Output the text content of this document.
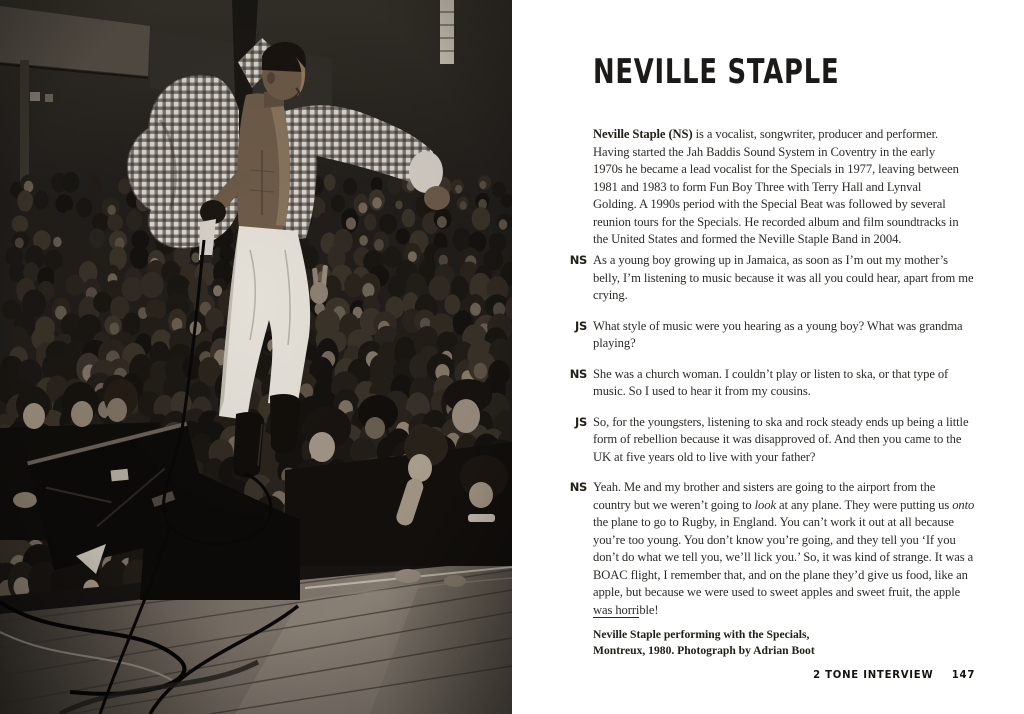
NEVILLE STAPLE

Neville Staple (NS) is a vocalist, songwriter, producer and performer. Having started the Jah Baddis Sound System in Coventry in the early 1970s he became a lead vocalist for the Specials in 1977, leaving between 1981 and 1983 to form Fun Boy Three with Terry Hall and Lynval Golding. A 1990s period with the Special Beat was followed by several reunion tours for the Specials. He recorded album and film soundtracks in the United States and formed the Neville Staple Band in 2004.

NS As a young boy growing up in Jamaica, as soon as I’m out my mother’s belly, I’m listening to music because it was all you could hear, apart from me crying.

JS What style of music were you hearing as a young boy? What was grandma playing?

NS She was a church woman. I couldn’t play or listen to ska, or that type of music. So I used to hear it from my cousins.

JS So, for the youngsters, listening to ska and rock steady ends up being a little form of rebellion because it was disapproved of. And then you came to the UK at five years old to live with your father?

NS Yeah. Me and my brother and sisters are going to the airport from the country but we weren’t going to look at any plane. They were putting us onto the plane to go to Rugby, in England. You can’t work it out at all because you’re too young. You don’t know you’re going, and they tell you ‘If you don’t do what we tell you, we’ll lick you.’ So, it was kind of strange. It was a BOAC flight, I remember that, and on the plane they’d give us food, like an apple, but because we were used to sweet apples and sweet fruit, the apple was horrible!

Neville Staple performing with the Specials, Montreux, 1980. Photograph by Adrian Boot

2 TONE INTERVIEW 147
